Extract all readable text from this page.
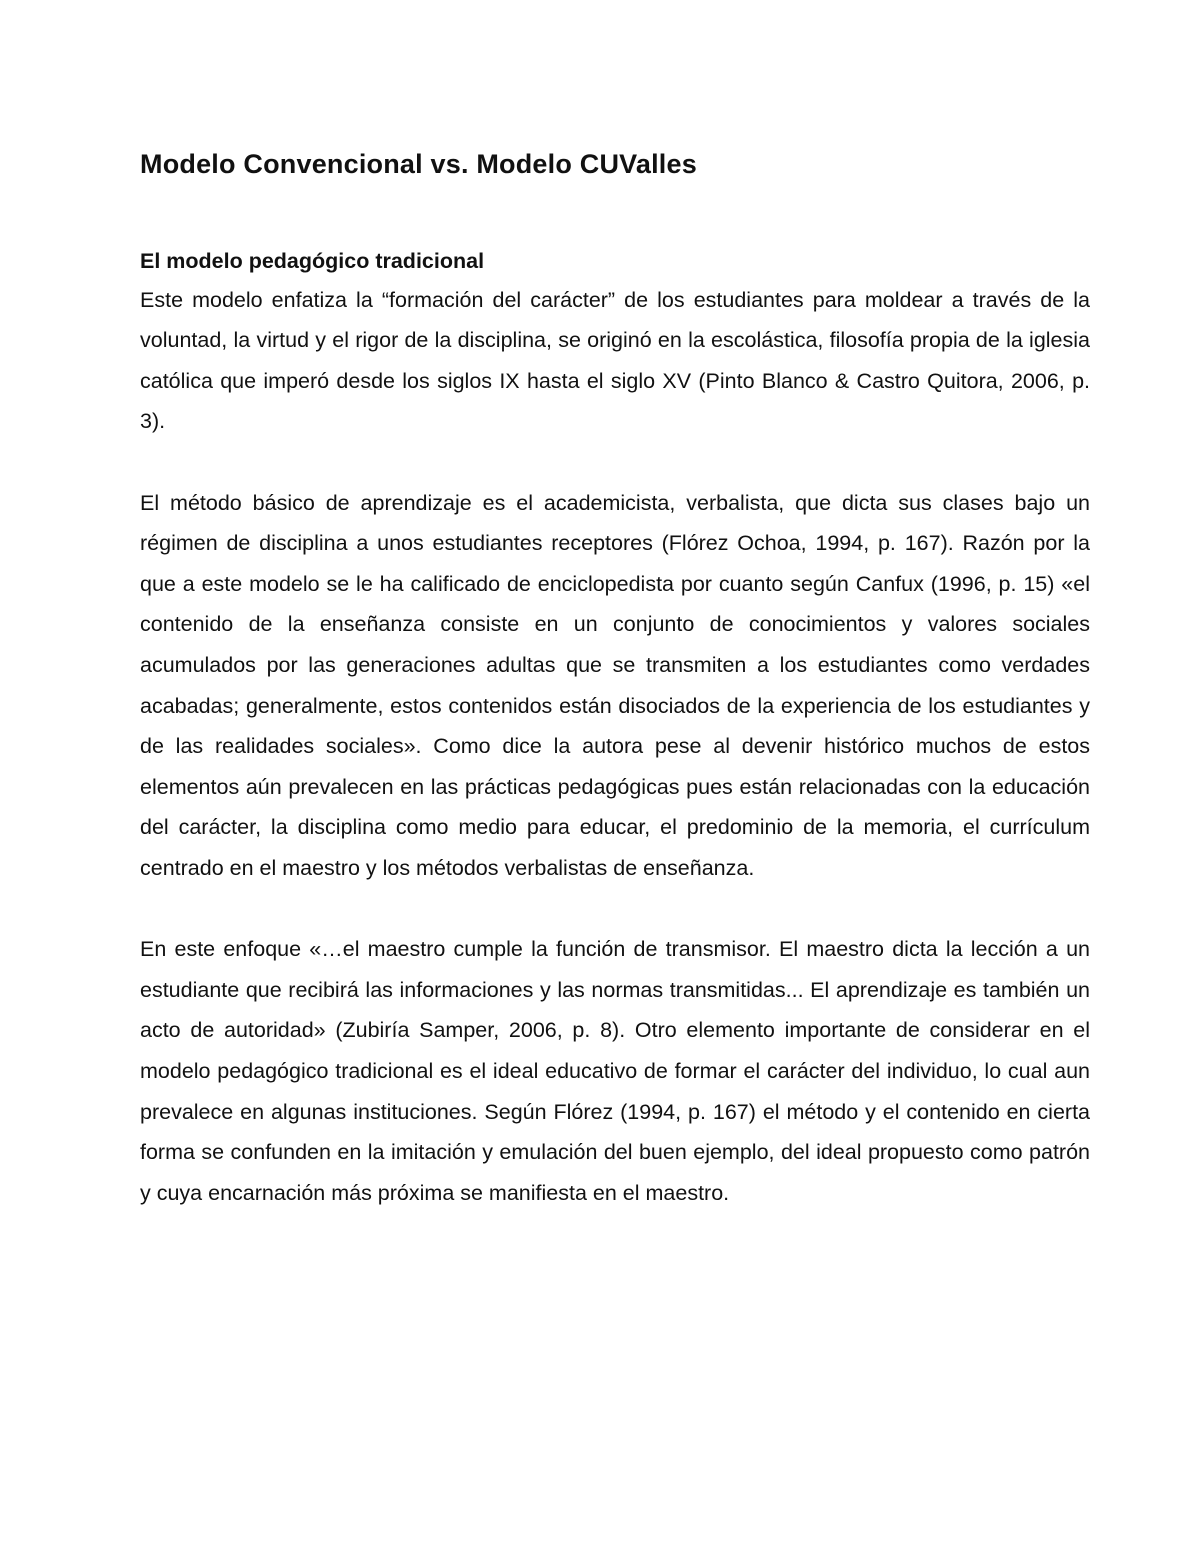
Modelo Convencional vs. Modelo CUValles
El modelo pedagógico tradicional

Este modelo enfatiza la “formación del carácter” de los estudiantes para moldear a través de la voluntad, la virtud y el rigor de la disciplina, se originó en la escolástica, filosofía propia de la iglesia católica que imperó desde los siglos IX hasta el siglo XV (Pinto Blanco & Castro Quitora, 2006, p. 3).

El método básico de aprendizaje es el academicista, verbalista, que dicta sus clases bajo un régimen de disciplina a unos estudiantes receptores (Flórez Ochoa, 1994, p. 167). Razón por la que a este modelo se le ha calificado de enciclopedista por cuanto según Canfux (1996, p. 15) «el contenido de la enseñanza consiste en un conjunto de conocimientos y valores sociales acumulados por las generaciones adultas que se transmiten a los estudiantes como verdades acabadas; generalmente, estos contenidos están disociados de la experiencia de los estudiantes y de las realidades sociales». Como dice la autora pese al devenir histórico muchos de estos elementos aún prevalecen en las prácticas pedagógicas pues están relacionadas con la educación del carácter, la disciplina como medio para educar, el predominio de la memoria, el currículum centrado en el maestro y los métodos verbalistas de enseñanza.

En este enfoque «…el maestro cumple la función de transmisor. El maestro dicta la lección a un estudiante que recibirá las informaciones y las normas transmitidas... El aprendizaje es también un acto de autoridad» (Zubiría Samper, 2006, p. 8). Otro elemento importante de considerar en el modelo pedagógico tradicional es el ideal educativo de formar el carácter del individuo, lo cual aun prevalece en algunas instituciones. Según Flórez (1994, p. 167) el método y el contenido en cierta forma se confunden en la imitación y emulación del buen ejemplo, del ideal propuesto como patrón y cuya encarnación más próxima se manifiesta en el maestro.
